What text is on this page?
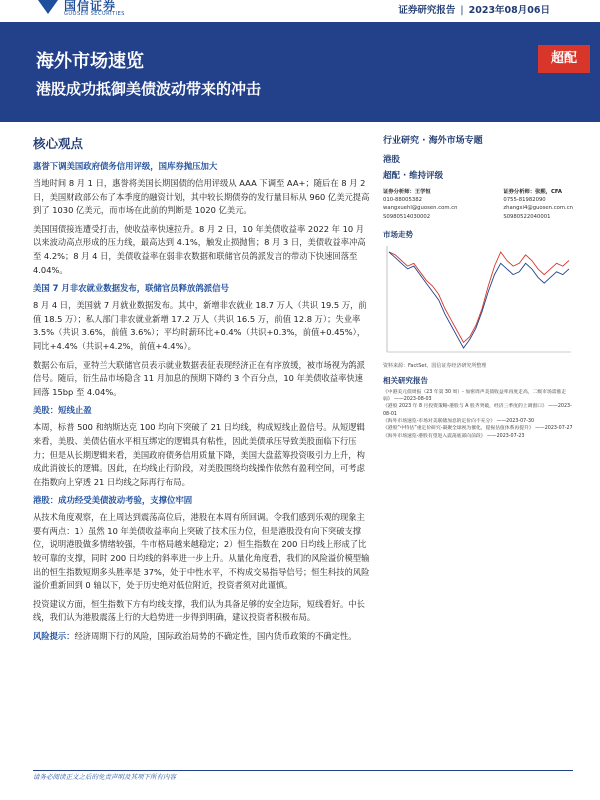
国信证券
GUOSEN SECURITIES	证券研究报告 | 2023年08月06日
海外市场速览
港股成功抵御美债波动带来的冲击
超配
核心观点
惠誉下调美国政府债务信用评级，国库券抛压加大

当地时间 8 月 1 日，惠誉将美国长期国债的信用评级从 AAA 下调至 AA+；随后在 8 月 2 日，美国财政部公布了本季度的融资计划，其中较长期债券的发行量目标从 960 亿美元提高到了 1030 亿美元，而市场在此前的判断是 1020 亿美元。

美国国债接连遭受打击，使收益率快速拉升。8 月 2 日，10 年美债收益率 2022 年 10 月以来波动高点形成的压力线，最高达到 4.1%，触发止损抛售；8 月 3 日，美债收益率冲高至 4.2%；8 月 4 日，美债收益率在弱非农数据和联储官员鸽派发言的带动下快速回落至 4.04%。

美国 7 月非农就业数据发布，联储官员释放鸽派信号

8 月 4 日，美国就 7 月就业数据发布。其中，新增非农就业 18.7 万人（共识 19.5 万，前值 18.5 万）；私人部门非农就业新增 17.2 万人（共识 16.5 万，前值 12.8 万）；失业率 3.5%（共识 3.6%，前值 3.6%）；平均时薪环比+0.4%（共识+0.3%，前值+0.45%），同比+4.4%（共识+4.2%，前值+4.4%）。

数据公布后，亚特兰大联储官员表示就业数据表征表现经济正在有序放缓，被市场视为鸽派信号。随后，衍生品市场隐含 11 月加息的预期下降约 3 个百分点，10 年美债收益率快速回落 15bp 至 4.04%。

美股：短线止盈

本周，标普 500 和纳斯达克 100 均向下突破了 21 日均线，构成短线止盈信号。从短逻辑来看，美股、美债估值水平相互绑定的逻辑具有粘性，因此美债承压导致美股面临下行压力；但是从长期逻辑来看，美国政府债务信用质量下降，美国大盘蓝筹投资吸引力上升，构成此消彼长的逻辑。因此，在均线止行阶段，对美股围绕均线操作依然有盈利空间，可考虑在指数向上穿透 21 日均线之际再行布局。

港股：成功经受美债波动考验，支撑位牢固

从技术角度观察，在上周达到震荡高位后，港股在本周有所回调。令我们感到乐观的现象主要有两点：1）虽然 10 年美债收益率向上突破了技术压力位，但是港股没有向下突破支撑位，说明港股做多情绪较强，牛市格局越来越稳定；2）恒生指数在 200 日均线上形成了比较可靠的支撑，同时 200 日均线的斜率进一步上升。从量化角度看，我们的风险溢价模型输出的恒生指数短期多头胜率是 37%，处于中性水平，不构成交易指导信号；恒生科技的风险溢价重新回到 0 轴以下，处于历史绝对低位附近，投资者须对此谨慎。

投资建议方面，恒生指数下方有均线支撑，我们认为具备足够的安全边际，短线看好。中长线，我们认为港股震荡上行的大趋势进一步得到明确，建议投资者积极布局。

风险提示：经济周期下行的风险，国际政治局势的不确定性，国内货币政策的不确定性。

行业研究 · 海外市场专题
港股
超配 · 维持评级
证券分析师：王学恒
010-88005382
wangxuehl@guosen.com.cn
S0980514030002
证券分析师：张熙，CFA
0755-81982090
zhangxi4@guosen.com.cn
S0980522040001
市场走势
资料来源：FactSet、国信证券经济研究所整理
相关研究报告
《中港美元债周报（23 年第 30 周）- 加密周声美债收益率再度走高，二级市场需涨走弱》 ——2023-08-03
《港股 2023 年 8 月投资策略-港股与 A 股齐突破，经济三季度的上调窗口》 ——2023-08-01
《海外市场速览-市场对美联储加息的定价向不充分》 ——2023-07-30
《港股“中特估”重定价研究-凝聚全球视为催化，提振估值体系再提升》 ——2023-07-27
《海外市场速览-港股有望进入震荡底部向前段》 ——2023-07-23
请务必阅读正文之后的免责声明及其项下所有内容
